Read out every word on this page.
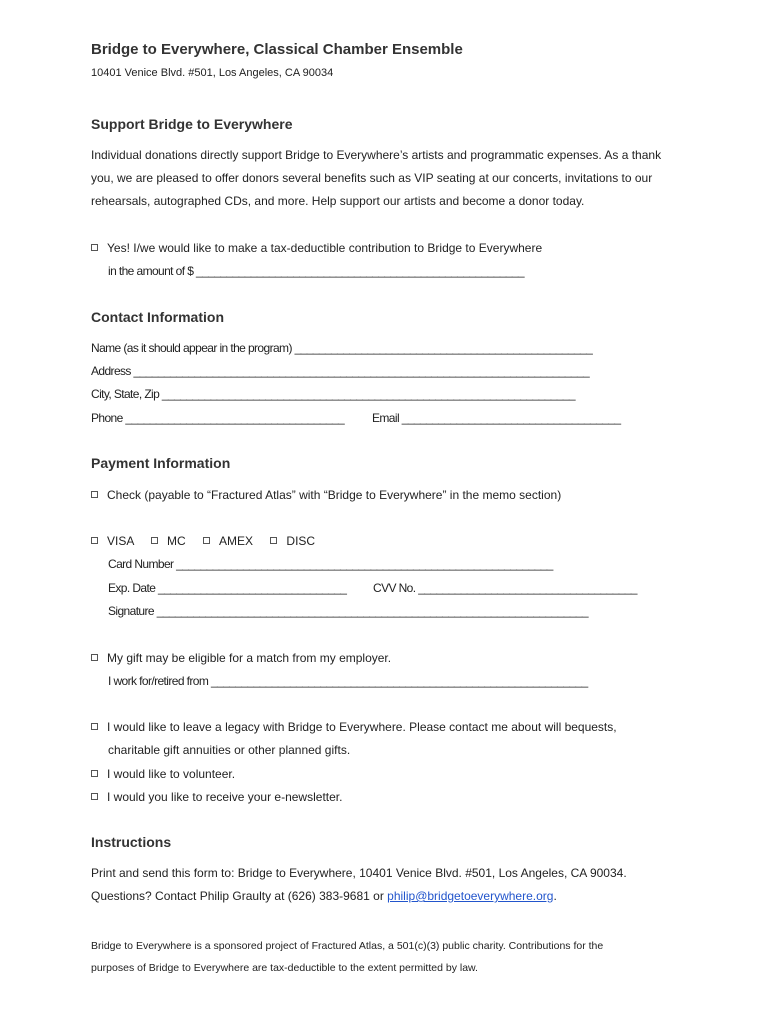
Bridge to Everywhere, Classical Chamber Ensemble
10401 Venice Blvd. #501, Los Angeles, CA 90034
Support Bridge to Everywhere
Individual donations directly support Bridge to Everywhere’s artists and programmatic expenses. As a thank
you, we are pleased to offer donors several benefits such as VIP seating at our concerts, invitations to our
rehearsals, autographed CDs, and more. Help support our artists and become a donor today.
Yes! I/we would like to make a tax-deductible contribution to Bridge to Everywhere
in the amount of $ ______________________________________________________
Contact Information
Name (as it should appear in the program) _________________________________________________
Address ___________________________________________________________________________
City, State, Zip ____________________________________________________________________
Phone ____________________________________ Email ____________________________________
Payment Information
Check (payable to “Fractured Atlas” with “Bridge to Everywhere” in the memo section)
VISA	MC	AMEX	DISC
Card Number ______________________________________________________________
Exp. Date _______________________________ CVV No. ____________________________________
Signature _______________________________________________________________________
My gift may be eligible for a match from my employer.
I work for/retired from ______________________________________________________________
I would like to leave a legacy with Bridge to Everywhere. Please contact me about will bequests,
charitable gift annuities or other planned gifts.
I would like to volunteer.
I would you like to receive your e-newsletter.
Instructions
Print and send this form to: Bridge to Everywhere, 10401 Venice Blvd. #501, Los Angeles, CA 90034.
Questions? Contact Philip Graulty at (626) 383-9681 or philip@bridgetoeverywhere.org.
Bridge to Everywhere is a sponsored project of Fractured Atlas, a 501(c)(3) public charity. Contributions for the
purposes of Bridge to Everywhere are tax-deductible to the extent permitted by law.
